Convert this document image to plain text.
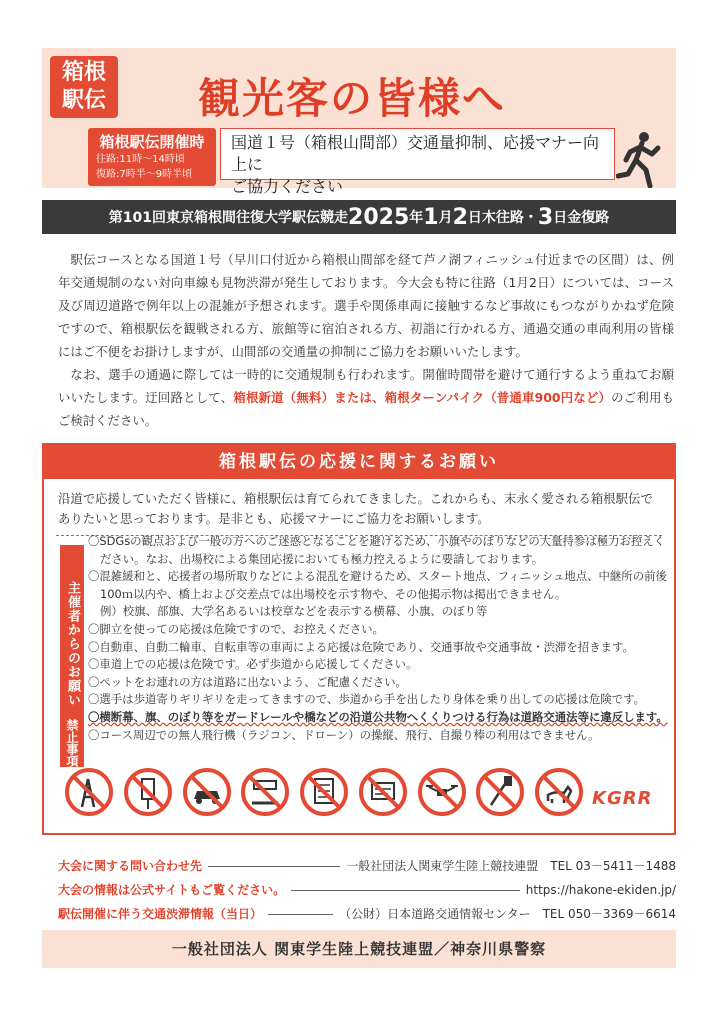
箱根
駅伝 観光客の皆様へ
箱根駅伝開催時
往路:11時～14時頃
復路:7時半～9時半頃
国道１号（箱根山間部）交通量抑制、応援マナー向上に
ご協力ください
第101回東京箱根間往復大学駅伝競走 2025 年 1 月 2 日 木 往路・ 3 日 金 復路

駅伝コースとなる国道１号（早川口付近から箱根山間部を経て芦ノ湖フィニッシュ付近までの区間）は、例年交通規制のない対向車線も見物渋滞が発生しております。今大会も特に往路（1月2日）については、コース及び周辺道路で例年以上の混雑が予想されます。選手や関係車両に接触するなど事故にもつながりかねず危険ですので、箱根駅伝を観戦される方、旅館等に宿泊される方、初詣に行かれる方、通過交通の車両利用の皆様にはご不便をお掛けしますが、山間部の交通量の抑制にご協力をお願いいたします。

なお、選手の通過に際しては一時的に交通規制も行われます。開催時間帯を避けて通行するよう重ねてお願いいたします。迂回路として、箱根新道（無料）または、箱根ターンパイク（普通車900円など）のご利用もご検討ください。

箱根駅伝の応援に関するお願い
沿道で応援していただく皆様に、箱根駅伝は育てられてきました。これからも、末永く愛される箱根駅伝でありたいと思っております。是非とも、応援マナーにご協力をお願いします。
主催者からのお願い
禁止事項
〇SDGsの観点および一般の方へのご迷惑となることを避けるため、小旗やのぼりなどの大量持参は極力お控えください。なお、出場校による集団応援においても極力控えるように要請しております。
〇混雑緩和と、応援者の場所取りなどによる混乱を避けるため、スタート地点、フィニッシュ地点、中継所の前後100ｍ以内や、橋上および交差点では出場校を示す物や、その他掲示物は掲出できません。
例）校旗、部旗、大学名あるいは校章などを表示する横幕、小旗、のぼり等
〇脚立を使っての応援は危険ですので、お控えください。
〇自動車、自動二輪車、自転車等の車両による応援は危険であり、交通事故や交通事故・渋滞を招きます。
〇車道上での応援は危険です。必ず歩道から応援してください。
〇ペットをお連れの方は道路に出ないよう、ご配慮ください。
〇選手は歩道寄りギリギリを走ってきますので、歩道から手を出したり身体を乗り出しての応援は危険です。
〇横断幕、旗、のぼり等をガードレールや橋などの沿道公共物へくくりつける行為は道路交通法等に違反します。
〇コース周辺での無人飛行機（ラジコン、ドローン）の操縦、飛行、自撮り棒の利用はできません。
KGRR
大会に関する問い合わせ先	一般社団法人関東学生陸上競技連盟　TEL 03－5411－1488
大会の情報は公式サイトもご覧ください。	https://hakone-ekiden.jp/
駅伝開催に伴う交通渋滞情報（当日）	（公財）日本道路交通情報センター　TEL 050－3369－6614
一般社団法人 関東学生陸上競技連盟／神奈川県警察
